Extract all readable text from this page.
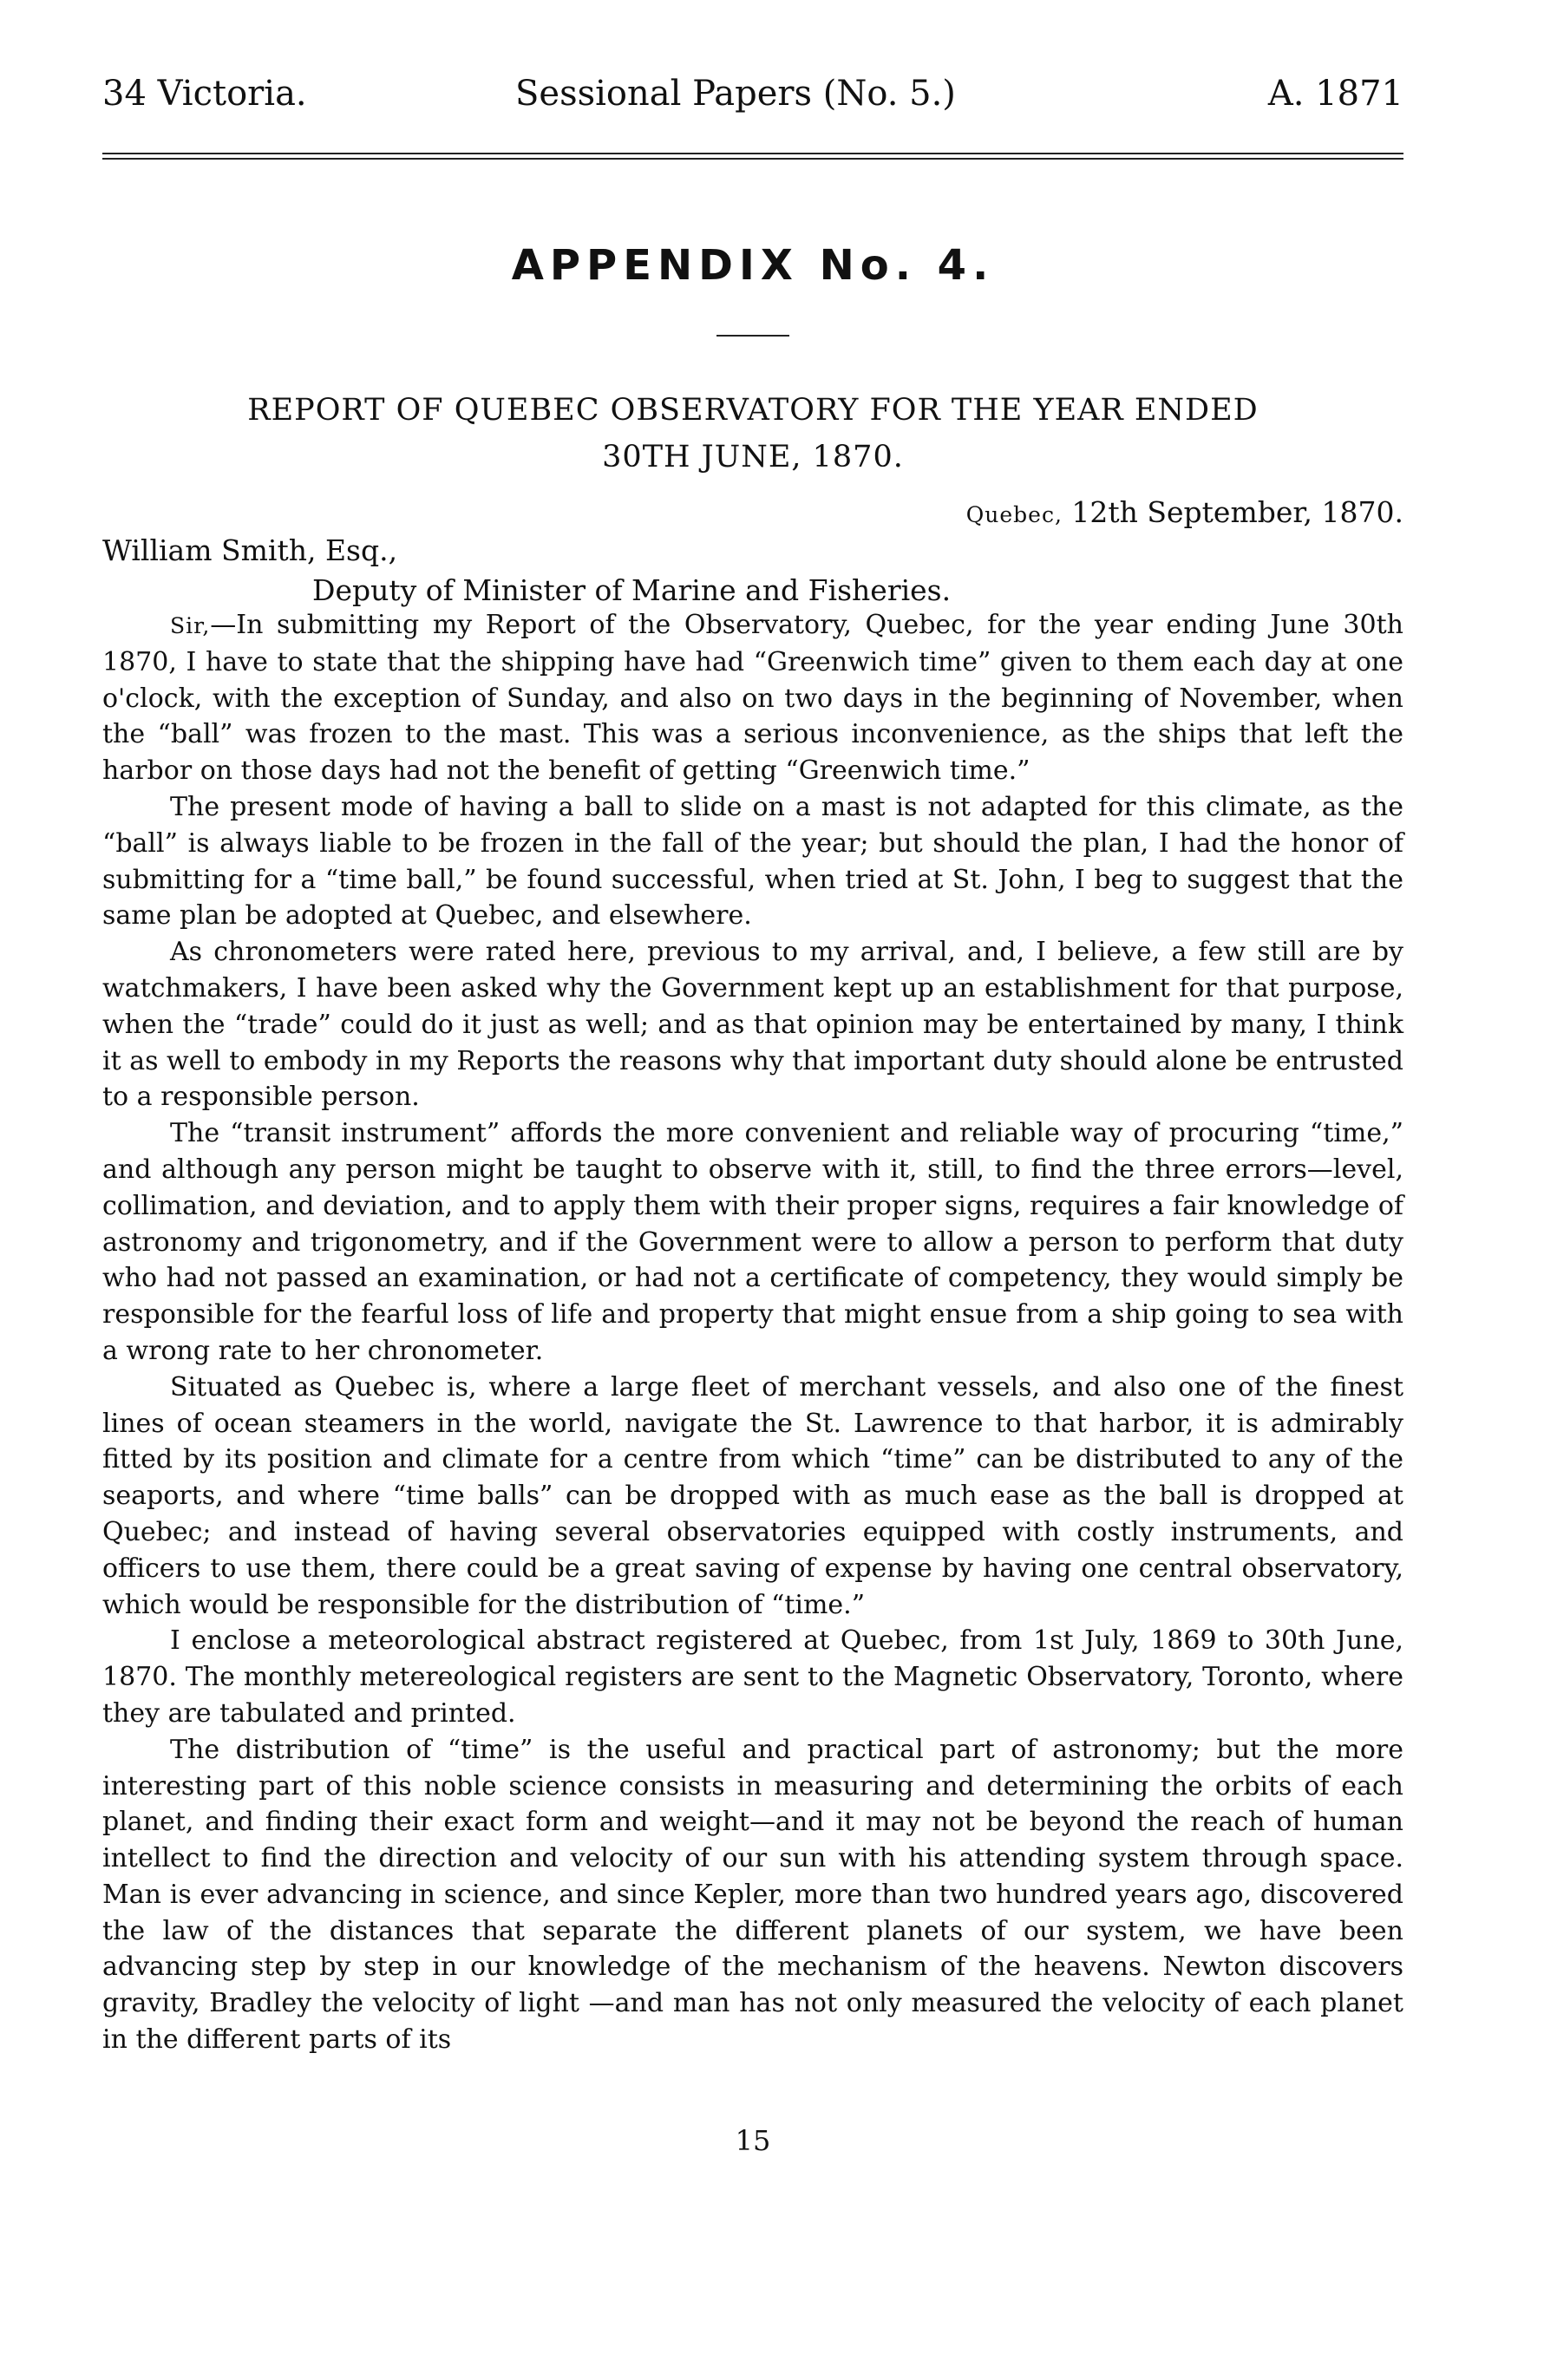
34 Victoria.	Sessional Papers (No. 5.)	A. 1871
APPENDIX No. 4.
REPORT OF QUEBEC OBSERVATORY FOR THE YEAR ENDED
30TH JUNE, 1870.
Quebec, 12th September, 1870.
William Smith, Esq.,
Deputy of Minister of Marine and Fisheries.

Sir,—In submitting my Report of the Observatory, Quebec, for the year ending June 30th 1870, I have to state that the shipping have had “Greenwich time” given to them each day at one o'clock, with the exception of Sunday, and also on two days in the beginning of November, when the “ball” was frozen to the mast. This was a serious inconvenience, as the ships that left the harbor on those days had not the benefit of getting “Greenwich time.”

The present mode of having a ball to slide on a mast is not adapted for this climate, as the “ball” is always liable to be frozen in the fall of the year; but should the plan, I had the honor of submitting for a “time ball,” be found successful, when tried at St. John, I beg to suggest that the same plan be adopted at Quebec, and elsewhere.

As chronometers were rated here, previous to my arrival, and, I believe, a few still are by watchmakers, I have been asked why the Government kept up an establishment for that purpose, when the “trade” could do it just as well; and as that opinion may be entertained by many, I think it as well to embody in my Reports the reasons why that important duty should alone be entrusted to a responsible person.

The “transit instrument” affords the more convenient and reliable way of procuring “time,” and although any person might be taught to observe with it, still, to find the three errors—level, collimation, and deviation, and to apply them with their proper signs, requires a fair knowledge of astronomy and trigonometry, and if the Government were to allow a person to perform that duty who had not passed an examination, or had not a certificate of competency, they would simply be responsible for the fearful loss of life and property that might ensue from a ship going to sea with a wrong rate to her chronometer.

Situated as Quebec is, where a large fleet of merchant vessels, and also one of the finest lines of ocean steamers in the world, navigate the St. Lawrence to that harbor, it is admirably fitted by its position and climate for a centre from which “time” can be distributed to any of the seaports, and where “time balls” can be dropped with as much ease as the ball is dropped at Quebec; and instead of having several observatories equipped with costly instruments, and officers to use them, there could be a great saving of expense by having one central observatory, which would be responsible for the distribution of “time.”

I enclose a meteorological abstract registered at Quebec, from 1st July, 1869 to 30th June, 1870. The monthly metereological registers are sent to the Magnetic Observatory, Toronto, where they are tabulated and printed.

The distribution of “time” is the useful and practical part of astronomy; but the more interesting part of this noble science consists in measuring and determining the orbits of each planet, and finding their exact form and weight—and it may not be beyond the reach of human intellect to find the direction and velocity of our sun with his attending system through space. Man is ever advancing in science, and since Kepler, more than two hundred years ago, discovered the law of the distances that separate the different planets of our system, we have been advancing step by step in our knowledge of the mechanism of the heavens. Newton discovers gravity, Bradley the velocity of light —and man has not only measured the velocity of each planet in the different parts of its

15
